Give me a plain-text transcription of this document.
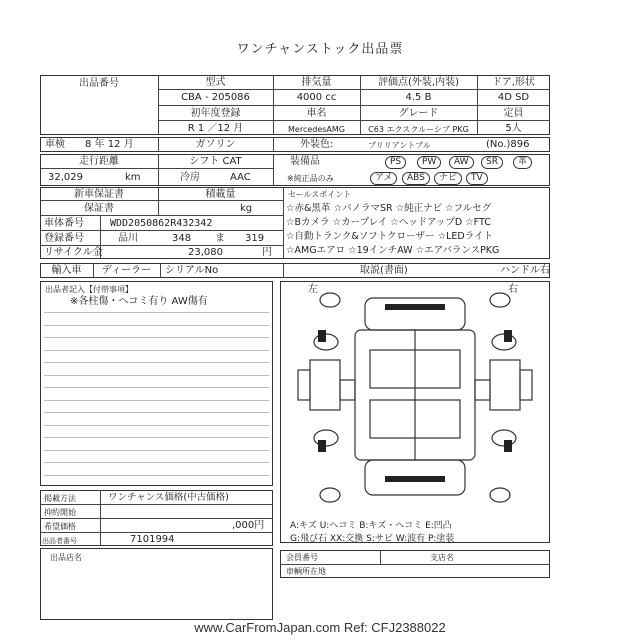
ワンチャンストック出品票
出品番号	型式
CBA - 205086
初年度登録
R 1 ／12 月
排気量
4000 cc
車名
MercedesAMG
評価点(外装,内装)
4.5 B
グレード
C63 エクスクルーシブ PKG
ドア,形状
4D SD
定員
5人
車検 8 年 12 月	ガソリン	外装色:	ブリリアントブル	(No.)896
走行距離
32,029	km
シフト CAT
冷房	AAC
装備品
※純正品のみ
PS	PW	AW	SR	革
アメ	ABS	ナビ	TV
新車保証書
保証書
積載量
kg
セールスポイント
☆赤&黒革 ☆パノラマSR ☆純正ナビ ☆フルセグ
☆Bカメラ ☆カープレイ ☆ヘッドアップD ☆FTC
☆自動トランク&ソフトクローザー ☆LEDライト
☆AMGエアロ ☆19インチAW ☆エアバランスPKG
車体番号	WDD2050862R432342
登録番号	品川	348 ま 319
リサイクル金	23,080	円
輸入車	ディーラー	シリアルNo	取説(書面)	ハンドル右
出品者記入【付帯事項】
※各柱傷・ヘコミ有り AW傷有
左	右
A:キズ U:ヘコミ B:キズ・ヘコミ E:凹凸
G:飛び石 XX:交換 S:サビ W:波有 P:塗装
掲載方法	ワンチャンス価格(中古価格)
抑約開始
希望価格	,000円
出品者番号	7101994
会員番号	支店名
車輌所在地
出品店名
www.CarFromJapan.com Ref: CFJ2388022
